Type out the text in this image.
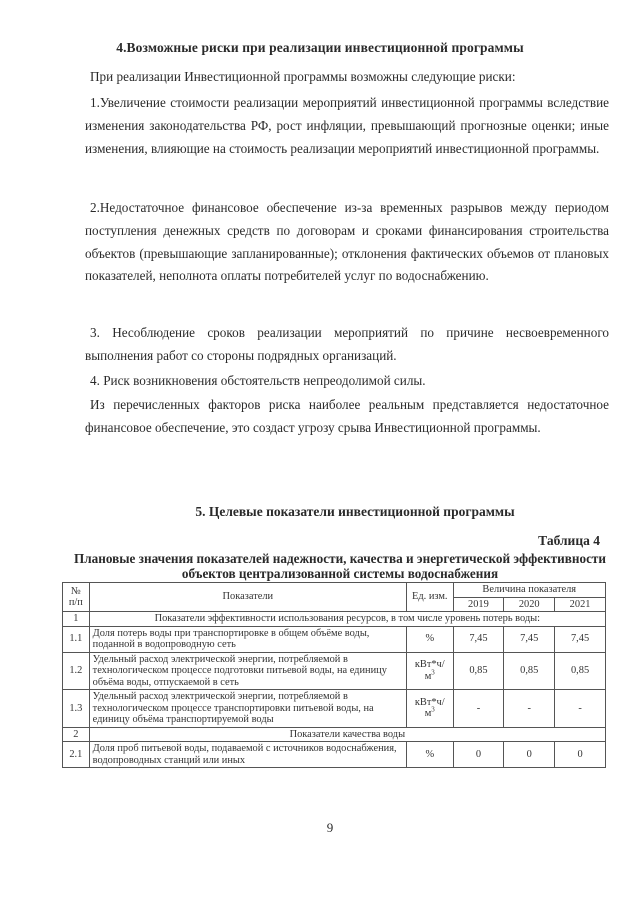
4.Возможные риски при реализации инвестиционной программы
При реализации Инвестиционной программы возможны следующие риски:
1.Увеличение стоимости реализации мероприятий инвестиционной программы вследствие изменения законодательства РФ, рост инфляции, превышающий прогнозные оценки; иные изменения, влияющие на стоимость реализации мероприятий инвестиционной программы.
2.Недостаточное финансовое обеспечение из-за временных разрывов между периодом поступления денежных средств по договорам и сроками финансирования строительства объектов (превышающие запланированные); отклонения фактических объемов от плановых показателей, неполнота оплаты потребителей услуг по водоснабжению.
3. Несоблюдение сроков реализации мероприятий по причине несвоевременного выполнения работ со стороны подрядных организаций.
4. Риск возникновения обстоятельств непреодолимой силы.
Из перечисленных факторов риска наиболее реальным представляется недостаточное финансовое обеспечение, это создаст угрозу срыва Инвестиционной программы.
5. Целевые показатели инвестиционной программы
Таблица 4
Плановые значения показателей надежности, качества и энергетической эффективности объектов централизованной системы водоснабжения
№ п/п	Показатели	Ед. изм.	Величина показателя		
			2019	2020	2021
1	Показатели эффективности использования ресурсов, в том числе уровень потерь воды:				
1.1	Доля потерь воды при транспортировке в общем объёме воды, поданной в водопроводную сеть	%	7,45	7,45	7,45
1.2	Удельный расход электрической энергии, потребляемой в технологическом процессе подготовки питьевой воды, на единицу объёма воды, отпускаемой в сеть	$кВт*ч/м^3$	0,85	0,85	0,85
1.3	Удельный расход электрической энергии, потребляемой в технологическом процессе транспортировки питьевой воды, на единицу объёма транспортируемой воды	$кВт*ч/м^3$	-	-	-
2	Показатели качества воды				
2.1	Доля проб питьевой воды, подаваемой с источников водоснабжения, водопроводных станций или иных	%	0	0	0
9
